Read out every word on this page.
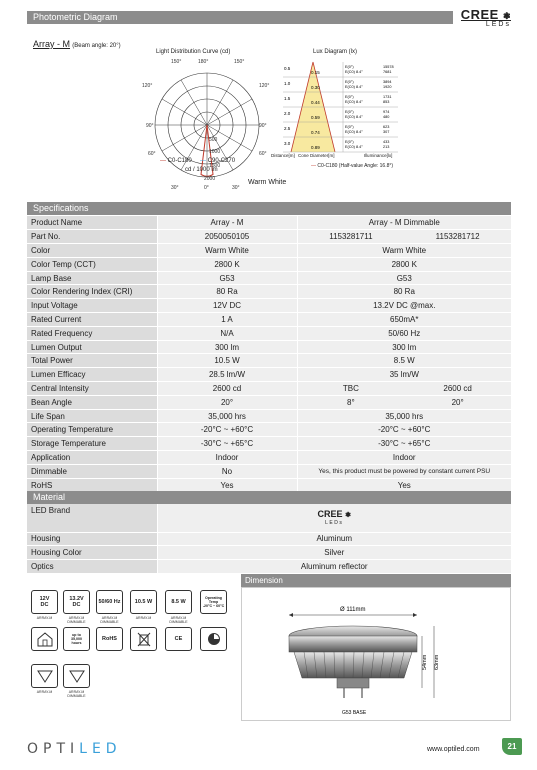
Photometric Diagram	CREE ❃
LEDs
Array - M (Beam angle: 20°)
Light Distribution Curve (cd)
150°	180°	150°
120°
90°
60°
120°
90°
60°
30°	0°	30°
500
1000
1500
2000
— C0-C180 — C90-C270
cd / 1000 lm
Lux Diagram (lx)
0.5
0.15
E(0°)
E(C0) 8.4°
15578
7681
1.0
0.30
E(0°)
E(C0) 8.4°
3894
1920
1.5
0.44
E(0°)
E(C0) 8.4°
1731
853
2.0
0.59
E(0°)
E(C0) 8.4°
974
480
2.5
0.74
E(0°)
E(C0) 8.4°
623
307
3.0
0.89
E(0°)
E(C0) 8.4°
433
213
Distance[m] Cone Diameter[m]	Illuminance[lx]
— C0-C180 (Half-value Angle: 16.8°)
Warm White
Specifications
Product Name	Array - M	Array - M Dimmable
Part No.	2050050105	1153281711 1153281712

Color	Warm White	Warm White
Color Temp (CCT)	2800 K	2800 K
Lamp Base	G53	G53
Color Rendering Index (CRI)	80 Ra	80 Ra
Input Voltage	12V DC	13.2V DC @max.
Rated Current	1 A	650mA*
Rated Frequency	N/A	50/60 Hz
Lumen Output	300 lm	300 lm
Total Power	10.5 W	8.5 W
Lumen Efficacy	28.5 lm/W	35 lm/W
Central Intensity	2600 cd	TBC 2600 cd

Bean Angle	20°	8° 20°

Life Span	35,000 hrs	35,000 hrs
Operating Temperature	-20°C ~ +60°C	-20°C ~ +60°C
Storage Temperature	-30°C ~ +65°C	-30°C ~ +65°C
Application	Indoor	Indoor
Dimmable	No	Yes, this product must be powered by constant current PSU
RoHS	Yes	Yes
Material
LED Brand	CREE ❃
LEDs

Housing	Aluminum
Housing Color	Silver
Optics	Aluminum reflector
12V
DC
ARRAY-M
13.2V
DC
ARRAY-M
DIMMABLE
50/60 Hz
ARRAY-M
DIMMABLE
10.5 W
ARRAY-M
8.5 W
ARRAY-M
DIMMABLE
Operating
Temp
-20°C ~ 60°C
up to
35,000
hours
RoHS	CE
ARRAY-M	ARRAY-M
DIMMABLE
Dimension
Ø 111mm
54mm 63mm
G53 BASE
OPTILED	www.optiled.com	21
